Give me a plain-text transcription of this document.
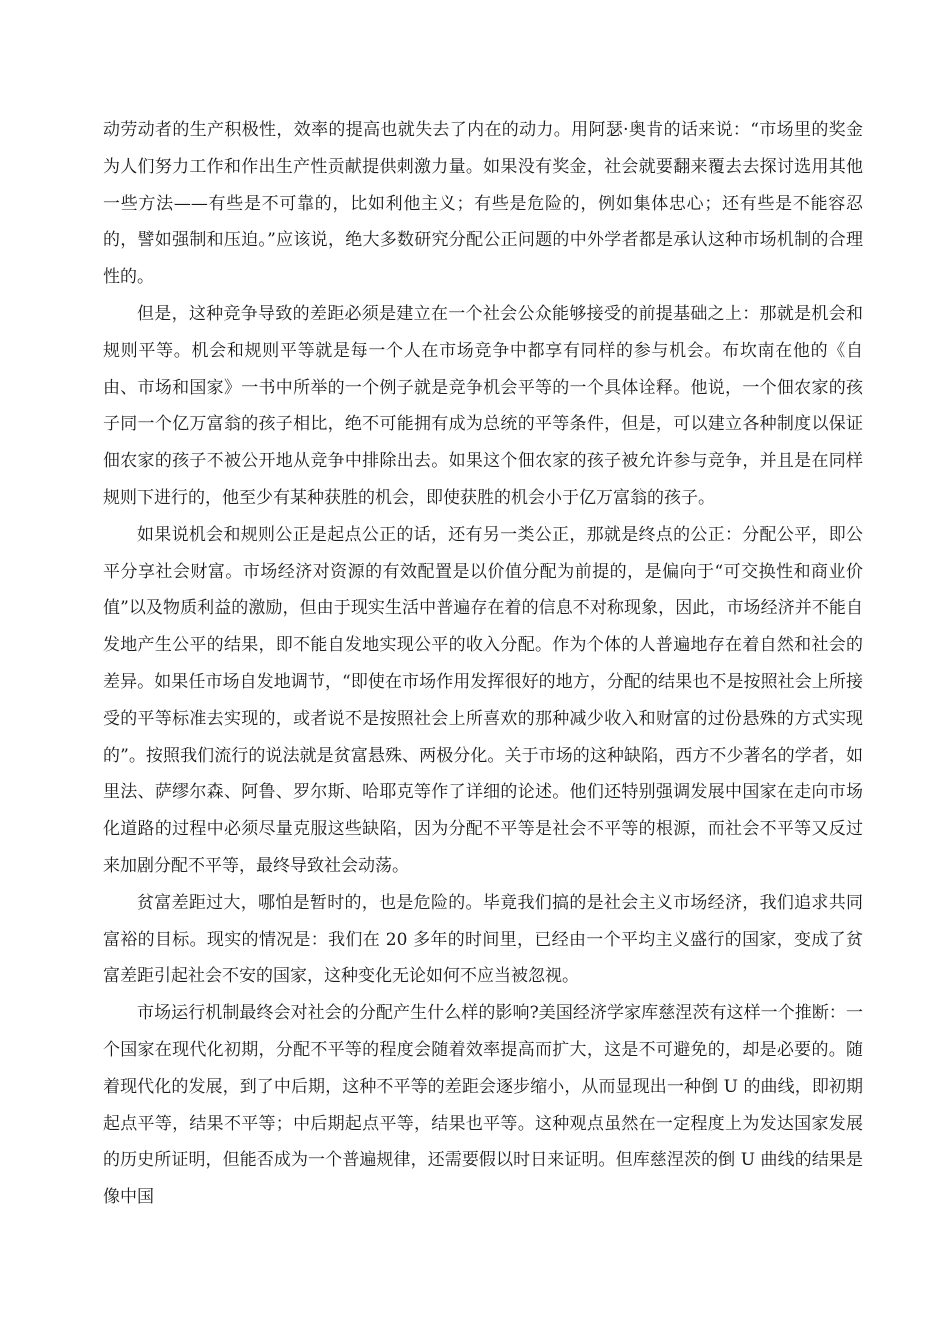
动劳动者的生产积极性，效率的提高也就失去了内在的动力。用阿瑟·奥肯的话来说：“市场里的奖金为人们努力工作和作出生产性贡献提供刺激力量。如果没有奖金，社会就要翻来覆去去探讨选用其他一些方法——有些是不可靠的，比如利他主义；有些是危险的，例如集体忠心；还有些是不能容忍的，譬如强制和压迫。”应该说，绝大多数研究分配公正问题的中外学者都是承认这种市场机制的合理性的。

但是，这种竞争导致的差距必须是建立在一个社会公众能够接受的前提基础之上：那就是机会和规则平等。机会和规则平等就是每一个人在市场竞争中都享有同样的参与机会。布坎南在他的《自由、市场和国家》一书中所举的一个例子就是竞争机会平等的一个具体诠释。他说，一个佃农家的孩子同一个亿万富翁的孩子相比，绝不可能拥有成为总统的平等条件，但是，可以建立各种制度以保证佃农家的孩子不被公开地从竞争中排除出去。如果这个佃农家的孩子被允许参与竞争，并且是在同样规则下进行的，他至少有某种获胜的机会，即使获胜的机会小于亿万富翁的孩子。

如果说机会和规则公正是起点公正的话，还有另一类公正，那就是终点的公正：分配公平，即公平分享社会财富。市场经济对资源的有效配置是以价值分配为前提的，是偏向于“可交换性和商业价值”以及物质利益的激励，但由于现实生活中普遍存在着的信息不对称现象，因此，市场经济并不能自发地产生公平的结果，即不能自发地实现公平的收入分配。作为个体的人普遍地存在着自然和社会的差异。如果任市场自发地调节，“即使在市场作用发挥很好的地方，分配的结果也不是按照社会上所接受的平等标准去实现的，或者说不是按照社会上所喜欢的那种减少收入和财富的过份悬殊的方式实现的”。按照我们流行的说法就是贫富悬殊、两极分化。关于市场的这种缺陷，西方不少著名的学者，如里法、萨缪尔森、阿鲁、罗尔斯、哈耶克等作了详细的论述。他们还特别强调发展中国家在走向市场化道路的过程中必须尽量克服这些缺陷，因为分配不平等是社会不平等的根源，而社会不平等又反过来加剧分配不平等，最终导致社会动荡。

贫富差距过大，哪怕是暂时的，也是危险的。毕竟我们搞的是社会主义市场经济，我们追求共同富裕的目标。现实的情况是：我们在 20 多年的时间里，已经由一个平均主义盛行的国家，变成了贫富差距引起社会不安的国家，这种变化无论如何不应当被忽视。

市场运行机制最终会对社会的分配产生什么样的影响?美国经济学家库慈涅茨有这样一个推断：一个国家在现代化初期，分配不平等的程度会随着效率提高而扩大，这是不可避免的，却是必要的。随着现代化的发展，到了中后期，这种不平等的差距会逐步缩小，从而显现出一种倒 U 的曲线，即初期起点平等，结果不平等；中后期起点平等，结果也平等。这种观点虽然在一定程度上为发达国家发展的历史所证明，但能否成为一个普遍规律，还需要假以时日来证明。但库慈涅茨的倒 U 曲线的结果是像中国
